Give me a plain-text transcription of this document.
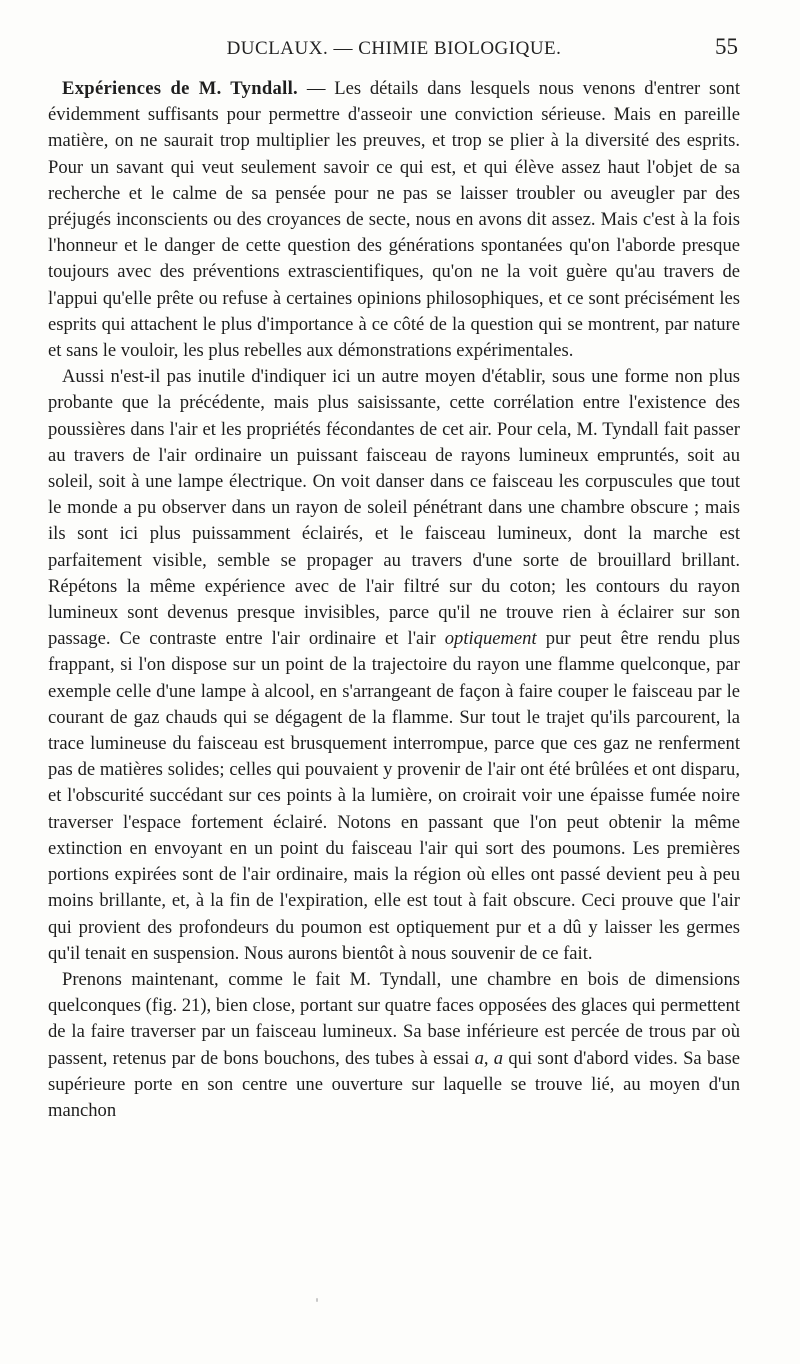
DUCLAUX. — CHIMIE BIOLOGIQUE.	55

Expériences de M. Tyndall. — Les détails dans lesquels nous venons d'entrer sont évidemment suffisants pour permettre d'asseoir une conviction sérieuse. Mais en pareille matière, on ne saurait trop multiplier les preuves, et trop se plier à la diversité des esprits. Pour un savant qui veut seulement savoir ce qui est, et qui élève assez haut l'objet de sa recherche et le calme de sa pensée pour ne pas se laisser troubler ou aveugler par des préjugés inconscients ou des croyances de secte, nous en avons dit assez. Mais c'est à la fois l'honneur et le danger de cette question des générations spontanées qu'on l'aborde presque toujours avec des préventions extrascientifiques, qu'on ne la voit guère qu'au travers de l'appui qu'elle prête ou refuse à certaines opinions philosophiques, et ce sont précisément les esprits qui attachent le plus d'importance à ce côté de la question qui se montrent, par nature et sans le vouloir, les plus rebelles aux démonstrations expérimentales.

Aussi n'est-il pas inutile d'indiquer ici un autre moyen d'établir, sous une forme non plus probante que la précédente, mais plus saisissante, cette corrélation entre l'existence des poussières dans l'air et les propriétés fécondantes de cet air. Pour cela, M. Tyndall fait passer au travers de l'air ordinaire un puissant faisceau de rayons lumineux empruntés, soit au soleil, soit à une lampe électrique. On voit danser dans ce faisceau les corpuscules que tout le monde a pu observer dans un rayon de soleil pénétrant dans une chambre obscure ; mais ils sont ici plus puissamment éclairés, et le faisceau lumineux, dont la marche est parfaitement visible, semble se propager au travers d'une sorte de brouillard brillant. Répétons la même expérience avec de l'air filtré sur du coton; les contours du rayon lumineux sont devenus presque invisibles, parce qu'il ne trouve rien à éclairer sur son passage. Ce contraste entre l'air ordinaire et l'air optiquement pur peut être rendu plus frappant, si l'on dispose sur un point de la trajectoire du rayon une flamme quelconque, par exemple celle d'une lampe à alcool, en s'arrangeant de façon à faire couper le faisceau par le courant de gaz chauds qui se dégagent de la flamme. Sur tout le trajet qu'ils parcourent, la trace lumineuse du faisceau est brusquement interrompue, parce que ces gaz ne renferment pas de matières solides; celles qui pouvaient y provenir de l'air ont été brûlées et ont disparu, et l'obscurité succédant sur ces points à la lumière, on croirait voir une épaisse fumée noire traverser l'espace fortement éclairé. Notons en passant que l'on peut obtenir la même extinction en envoyant en un point du faisceau l'air qui sort des poumons. Les premières portions expirées sont de l'air ordinaire, mais la région où elles ont passé devient peu à peu moins brillante, et, à la fin de l'expiration, elle est tout à fait obscure. Ceci prouve que l'air qui provient des profondeurs du poumon est optiquement pur et a dû y laisser les germes qu'il tenait en suspension. Nous aurons bientôt à nous souvenir de ce fait.

Prenons maintenant, comme le fait M. Tyndall, une chambre en bois de dimensions quelconques (fig. 21), bien close, portant sur quatre faces opposées des glaces qui permettent de la faire traverser par un faisceau lumineux. Sa base inférieure est percée de trous par où passent, retenus par de bons bouchons, des tubes à essai a, a qui sont d'abord vides. Sa base supérieure porte en son centre une ouverture sur laquelle se trouve lié, au moyen d'un manchon
